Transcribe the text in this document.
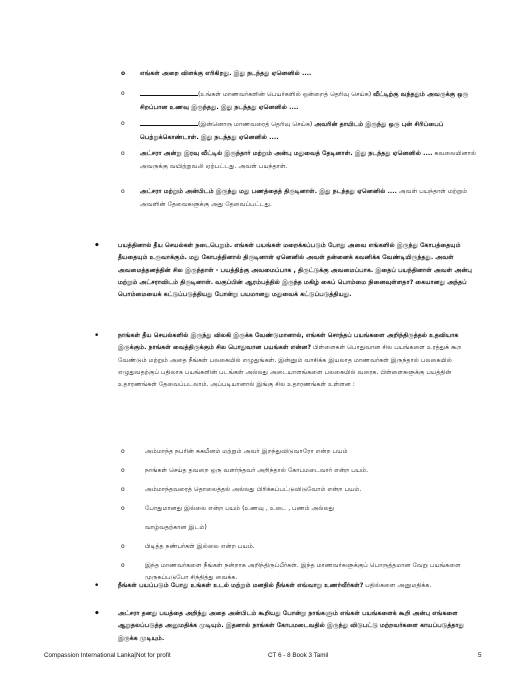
o எங்கள் அறை விளக்கு எரிகிறது. இது நடந்தது ஏனெனில் ....
o	(உங்கள் மாணவர்களின் பெயர்களில் ஒன்றைத் தெரிவு செய்க) வீட்டிற்கு வந்ததும் அவருக்கு ஒரு சிறப்பான உணவு இருந்தது. இது நடந்தது ஏனெனில் ....
o	(இன்னொரு மாணவரைத் தெரிவு செய்க) அவரின் தாயிடம் இருந்து ஒரு புன் சிரிப்பைப் பெற்றுக்கொண்டாள். இது நடந்தது ஏனெனில் ....
o அட்சரா அன்று இரவு வீட்டில் இருந்தார் மற்றும் அன்பு மதுவைத் தேடினாள். இது நடந்தது ஏனெனில் .... கவலையினால் அவருக்கு வயிற்றுவலி ஏற்பட்டது. அவள் பயந்தாள்.
o அட்சரா மற்றும் அன்பிடம் இருந்து மது பணத்தைத் திருடினாள். இது நடந்தது ஏனெனில் .... அவள் பயந்தாள் மற்றும் அவளின் தேவைகளுக்கு அது தேவைப்பட்டது.
•	பயத்தினால் தீய செயல்கள் நடைபெறும். எங்கள் பயங்கள் மறைக்கப்படும் போது அவை எங்களில் இருந்து கோபத்தையும் தீயதையும் உருவாக்கும். மது கோபத்தினால் திருடினாள் ஏனெனில் அவள் தன்னைக் கவனிக்க வேண்டியிருந்தது. அவள் அவமைத்தனத்தின் சில இருந்தாள் - பயத்திற்கு அவமைப்பாக , திருட்டுக்கு அவமைப்பாக. இதைப் பயந்தினாள் அவள் அன்பு மற்றும் அட்சராவிடம் திருடினாள். வகுப்பின் ஆரம்பத்தில் இருந்த மகிழ் கைப் பொம்மை நினைவுள்ளதா? கையானது அந்தப் பொம்மையைக் கட்டுப்படுத்தியது போன்று பயமானது மதுவைக் கட்டுப்படுத்தியது.
•	நாங்கள் தீய செயல்களில் இருந்து விலகி இருக்க வேண்டுமானால், எங்கள் சொந்தப் பயங்களை அறிந்திருத்தல் உதவியாக இருக்கும். நாங்கள் வைத்திருக்கும் சில பொதுவான பயங்கள் என்ன? பிள்ளைகள் பொதுவான சில பயங்களை உரத்துக் கூற வேண்டும் மற்றும் அதை நீங்கள் பலகையில் எழுதுங்கள். இன்னும் வாசிக்க இயலாத மாணவர்கள் இருந்தால் பலகையில் எழுதுவதற்குப் பதிலாக பயங்களின் படங்கள் அல்லது அடையாளங்களை பலகையில் வரைக. பிள்ளைகளுக்கு பயத்தின் உதாரணங்கள் தேவைப்படலாம். அப்படியானால் இங்கு சில உதாரணங்கள் உள்ளன :
o	அம்மாந்த நபரின் சுகயீனம் மற்றும் அவர் இறந்துவிடுவாரோ என்ற பயம்
o	நாங்கள் செய்த தவறை ஒரு வளர்ந்தவர் அறிந்தால் கோபமடைவார் என்ற பயம்.
o	அம்மாந்தவரைத் தொலைத்தல் அல்லது பிரிக்கப்பட்டுவிடுவோம் என்ற பயம்.
o	போதுமானது இல்லை என்ற பயம் (உணவு , உடை , பணம் அல்லது
வாழ்வதற்கான இடம்)
o	பிடித்த நண்பர்கள் இல்லை என்ற பயம்.
o	இந்த மாணவர்களை நீங்கள் நன்றாக அறிந்திருப்பீர்கள். இந்த மாணவர்களுக்குப் பொருத்தமான வேறு பயங்களை முருகப்படுபோ சிந்தித்து வைக்க.
•	நீங்கள் பயப்படும் போது உங்கள் உடல் மற்றும் மனதில் நீங்கள் எவ்வாறு உணர்வீர்கள்? பதில்களை அனுமதிக்க.
•	அட்சரா தனது பயத்தை அறிந்து அதை அன்பிடம் கூறியது போன்று நாங்களும் எங்கள் பயங்களைக் கூறி அன்பு எங்களை ஆறுதலப்படுத்த அனுமதிக்க முடியும். இதனால் நாங்கள் கோபமடைவதில் இருந்து விடுபட்டு மற்றவர்களை காயப்படுத்தாது இருக்க முடியும்.
Compassion International Lanka|Not for profit	CT 6 - 8 Book 3 Tamil	5
